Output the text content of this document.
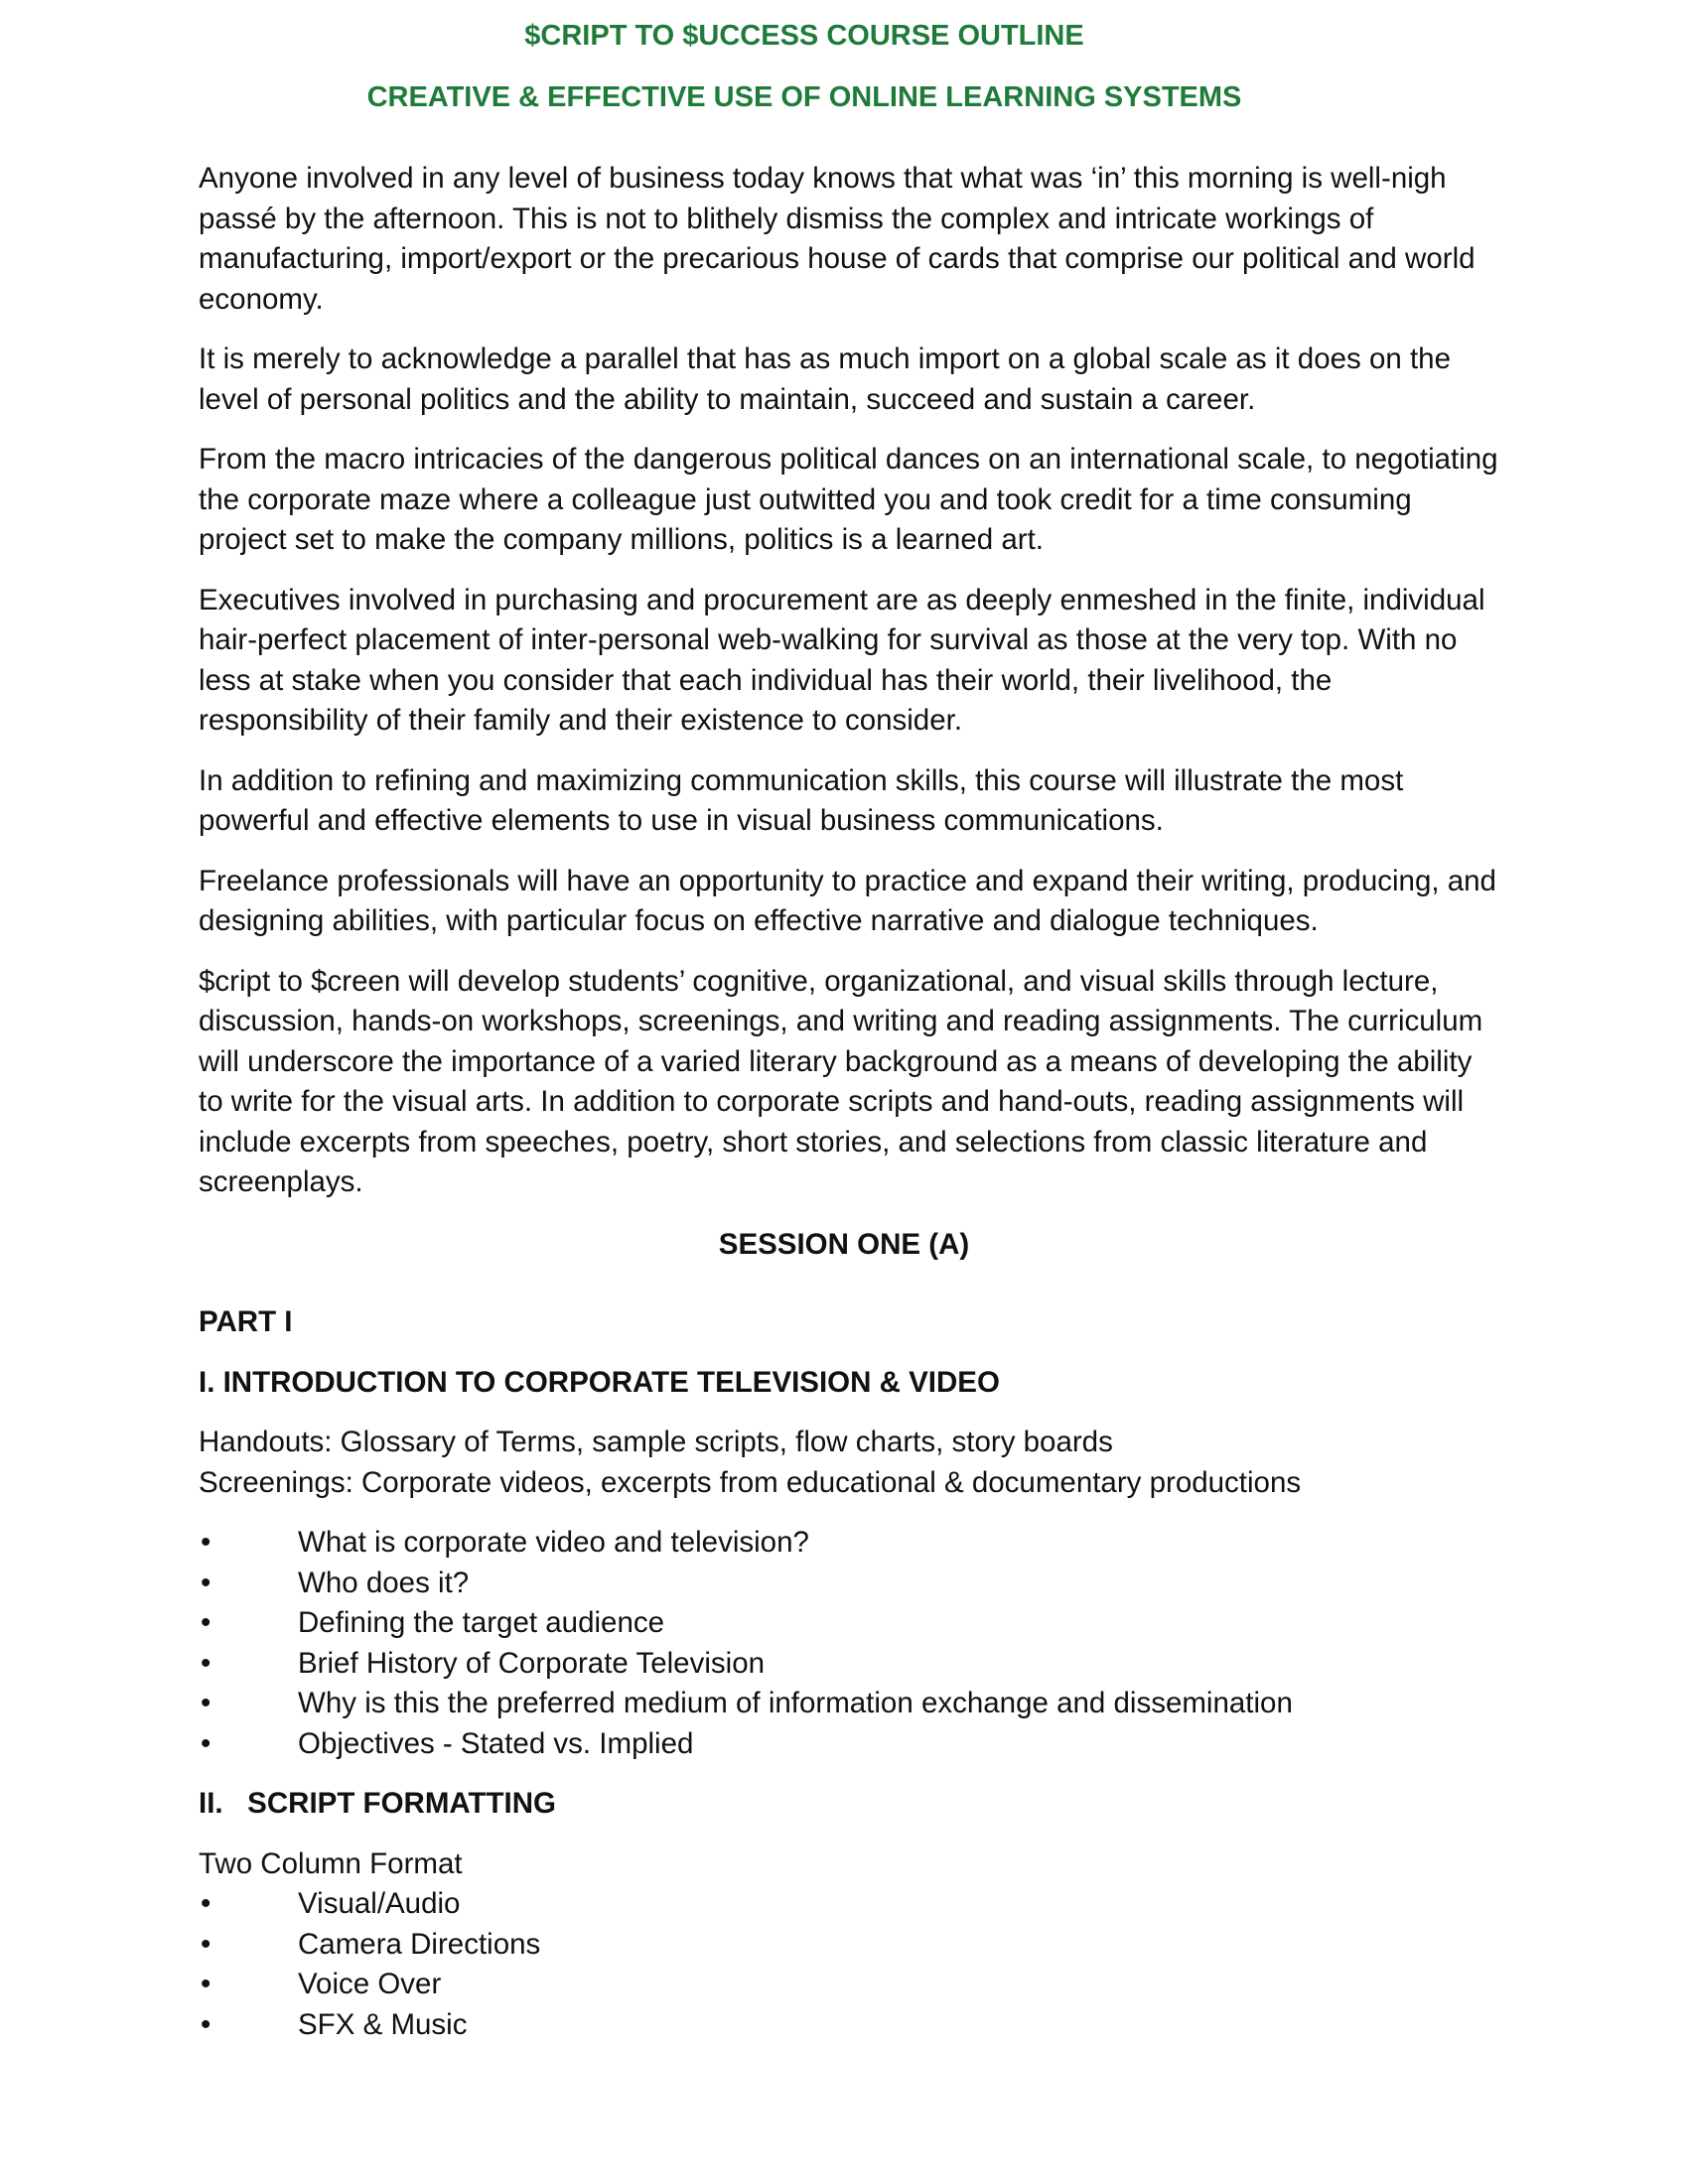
$CRIPT TO $UCCESS COURSE OUTLINE
CREATIVE & EFFECTIVE USE OF ONLINE LEARNING SYSTEMS

Anyone involved in any level of business today knows that what was ‘in’ this morning is well-nigh passé by the afternoon. This is not to blithely dismiss the complex and intricate workings of manufacturing, import/export or the precarious house of cards that comprise our political and world economy.

It is merely to acknowledge a parallel that has as much import on a global scale as it does on the level of personal politics and the ability to maintain, succeed and sustain a career.

From the macro intricacies of the dangerous political dances on an international scale, to negotiating the corporate maze where a colleague just outwitted you and took credit for a time consuming project set to make the company millions, politics is a learned art.

Executives involved in purchasing and procurement are as deeply enmeshed in the finite, individual hair-perfect placement of inter-personal web-walking for survival as those at the very top. With no less at stake when you consider that each individual has their world, their livelihood, the responsibility of their family and their existence to consider.

In addition to refining and maximizing communication skills, this course will illustrate the most powerful and effective elements to use in visual business communications.

Freelance professionals will have an opportunity to practice and expand their writing, producing, and designing abilities, with particular focus on effective narrative and dialogue techniques.

$cript to $creen will develop students’ cognitive, organizational, and visual skills through lecture, discussion, hands-on workshops, screenings, and writing and reading assignments. The curriculum will underscore the importance of a varied literary background as a means of developing the ability to write for the visual arts. In addition to corporate scripts and hand-outs, reading assignments will include excerpts from speeches, poetry, short stories, and selections from classic literature and screenplays.

SESSION ONE (A)
PART I
I. INTRODUCTION TO CORPORATE TELEVISION & VIDEO
Handouts: Glossary of Terms, sample scripts, flow charts, story boards
Screenings: Corporate videos, excerpts from educational & documentary productions
•	What is corporate video and television?
•	Who does it?
•	Defining the target audience
•	Brief History of Corporate Television
•	Why is this the preferred medium of information exchange and dissemination
•	Objectives - Stated vs. Implied
II.   SCRIPT FORMATTING
Two Column Format
•	Visual/Audio
•	Camera Directions
•	Voice Over
•	SFX & Music
